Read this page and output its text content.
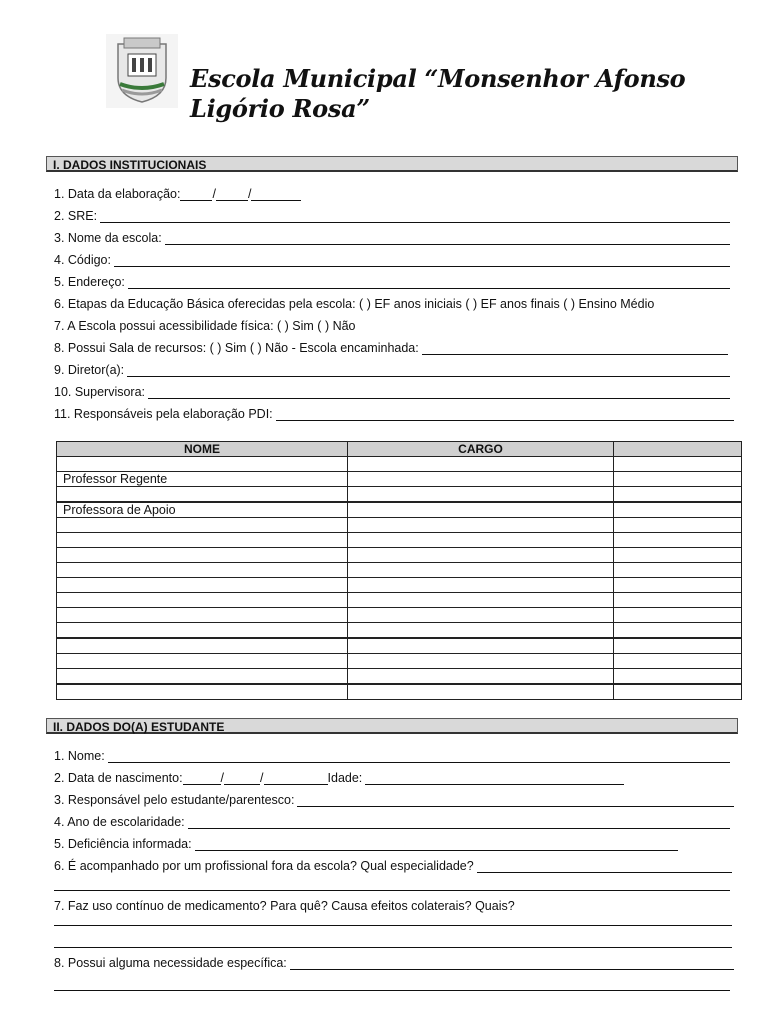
Escola Municipal “Monsenhor Afonso Ligório Rosa”
I. DADOS INSTITUCIONAIS
1. Data da elaboração:	/	/
2. SRE:
3. Nome da escola:
4. Código:
5. Endereço:
6. Etapas da Educação Básica oferecidas pela escola: ( ) EF anos iniciais ( ) EF anos finais ( ) Ensino Médio
7. A Escola possui acessibilidade física: ( ) Sim ( ) Não
8. Possui Sala de recursos: ( ) Sim ( ) Não - Escola encaminhada:
9. Diretor(a):
10. Supervisora:
11. Responsáveis pela elaboração PDI:
NOME	CARGO	

Professor Regente		

Professora de Apoio		

II. DADOS DO(A) ESTUDANTE
1. Nome:
2. Data de nascimento:	/	/	Idade:
3. Responsável pelo estudante/parentesco:
4. Ano de escolaridade:
5. Deficiência informada:
6. É acompanhado por um profissional fora da escola? Qual especialidade?
7. Faz uso contínuo de medicamento? Para quê? Causa efeitos colaterais? Quais?
8. Possui alguma necessidade específica:
